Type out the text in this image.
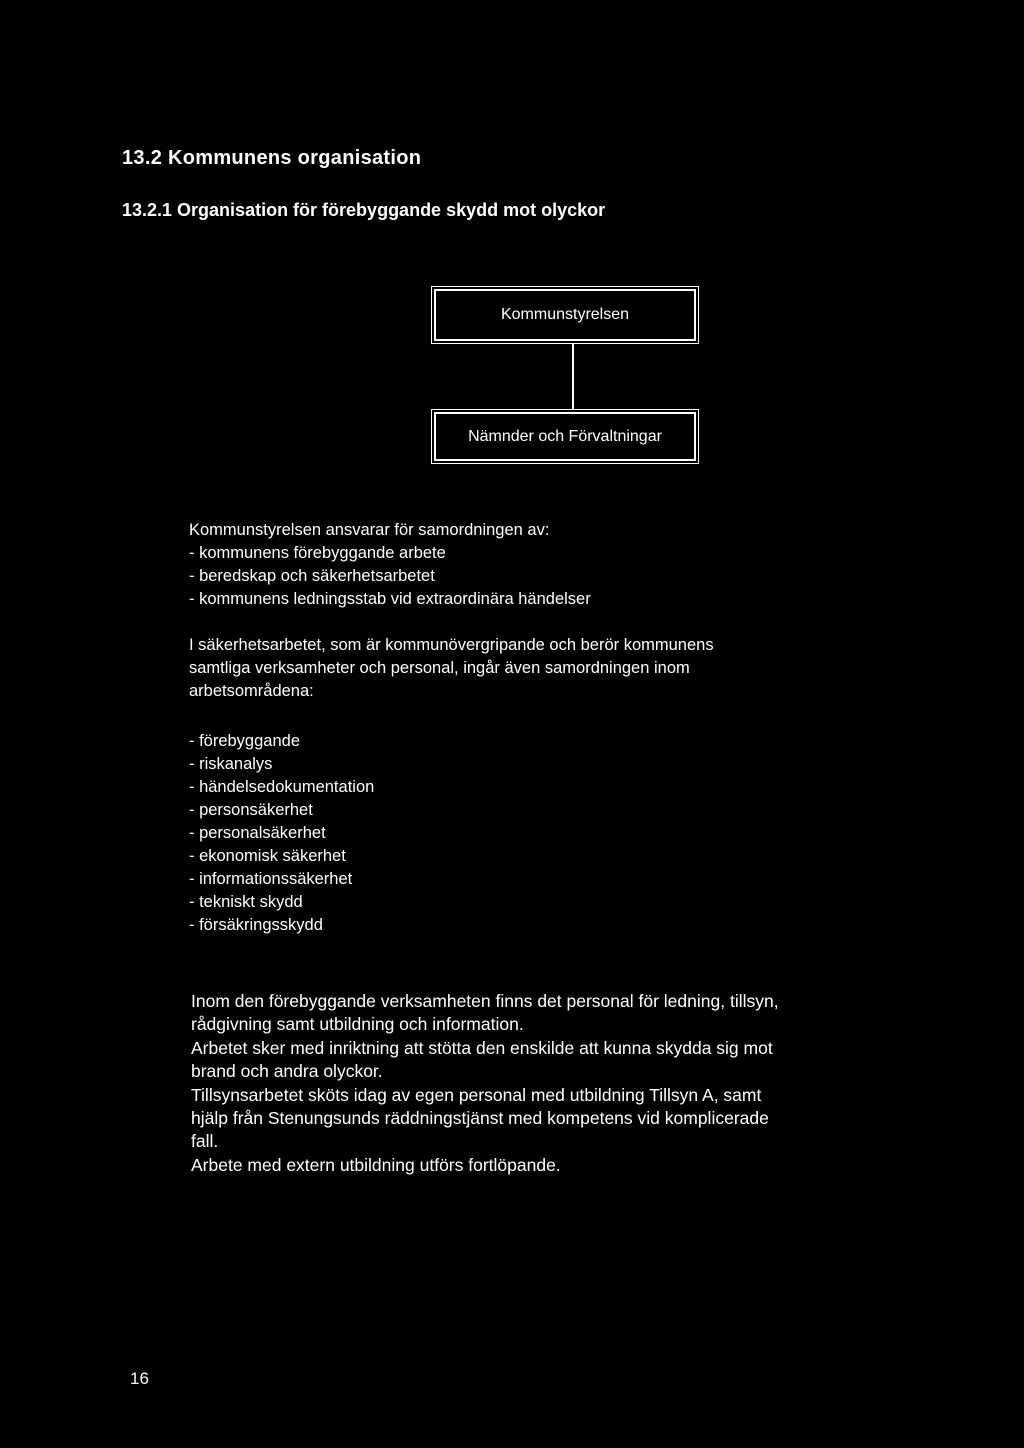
13.2 Kommunens organisation
13.2.1 Organisation för förebyggande skydd mot olyckor
Kommunstyrelsen
Nämnder och Förvaltningar
Kommunstyrelsen ansvarar för samordningen av:
- kommunens förebyggande arbete
- beredskap och säkerhetsarbetet
- kommunens ledningsstab vid extraordinära händelser
I säkerhetsarbetet, som är kommunövergripande och berör kommunens
samtliga verksamheter och personal, ingår även samordningen inom
arbetsområdena:
- förebyggande
- riskanalys
- händelsedokumentation
- personsäkerhet
- personalsäkerhet
- ekonomisk säkerhet
- informationssäkerhet
- tekniskt skydd
- försäkringsskydd
Inom den förebyggande verksamheten finns det personal för ledning, tillsyn,
rådgivning samt utbildning och information.
Arbetet sker med inriktning att stötta den enskilde att kunna skydda sig mot
brand och andra olyckor.
Tillsynsarbetet sköts idag av egen personal med utbildning Tillsyn A, samt
hjälp från Stenungsunds räddningstjänst med kompetens vid komplicerade
fall.
Arbete med extern utbildning utförs fortlöpande.
16
